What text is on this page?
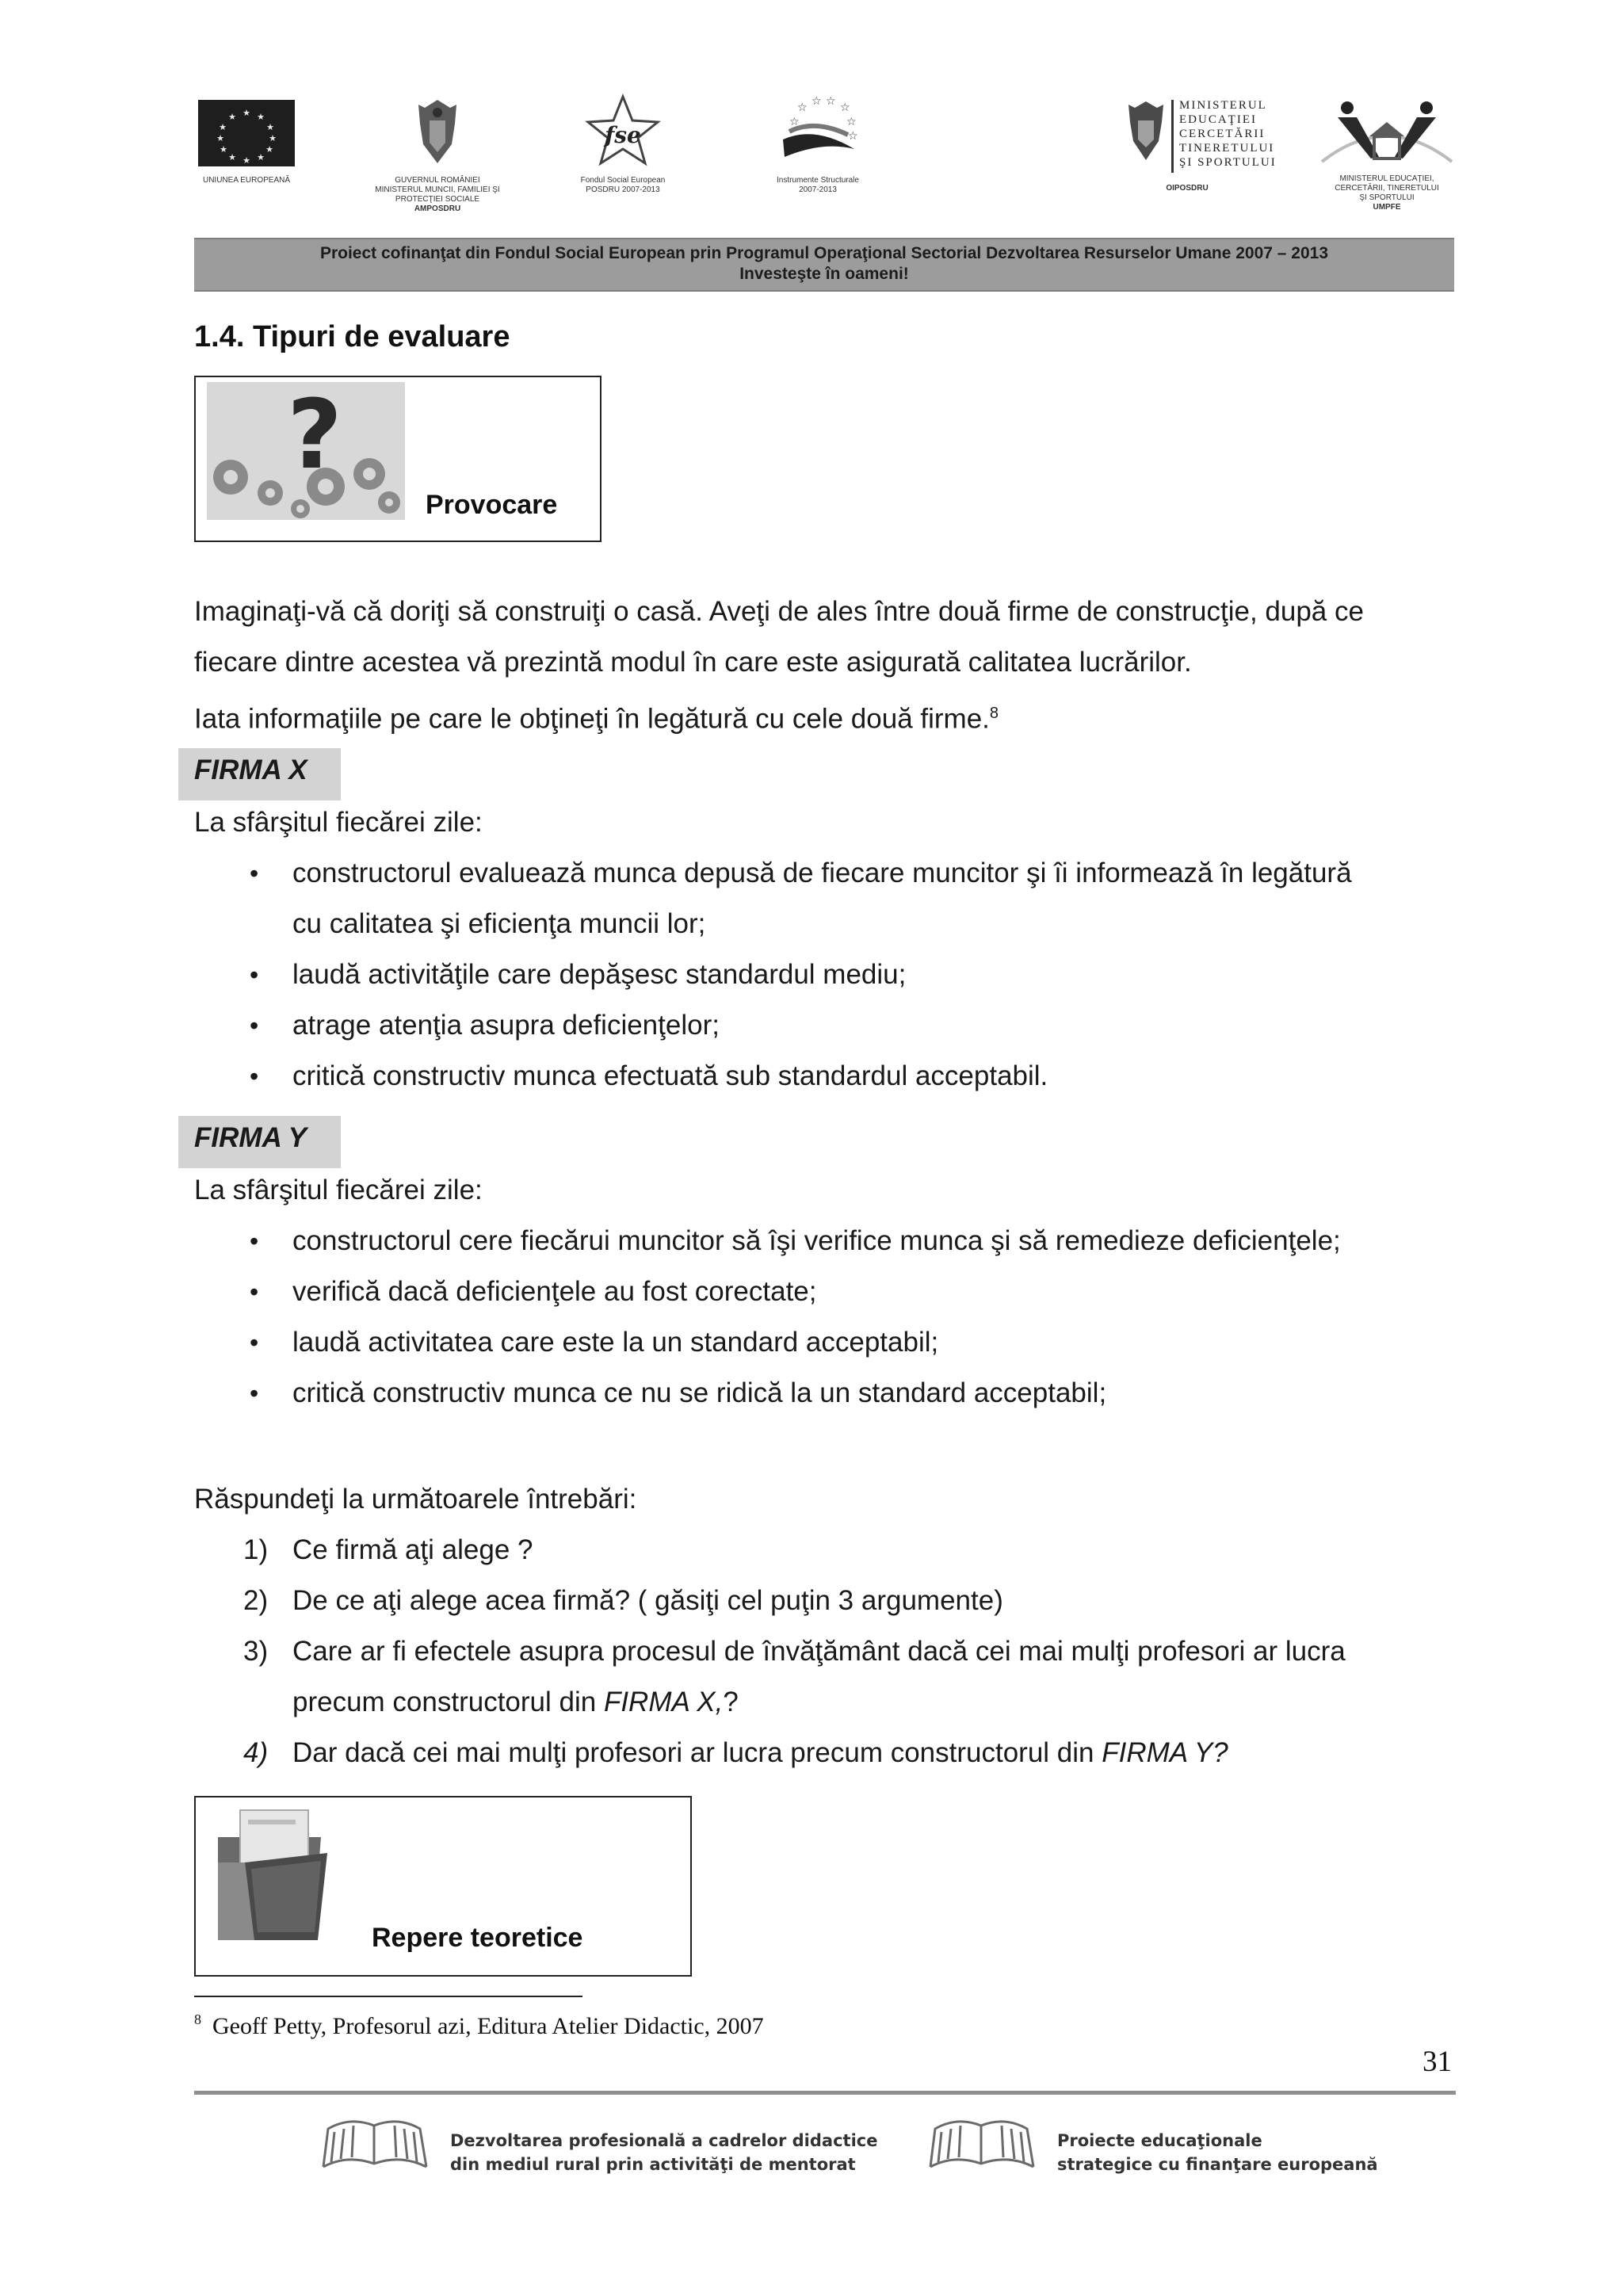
★ ★
★
★
★
★
★
★
★
★
★
★
UNIUNEA EUROPEANĂ	GUVERNUL ROMÂNIEI
MINISTERUL MUNCII, FAMILIEI ŞI
PROTECŢIEI SOCIALE
AMPOSDRU
fse
Fondul Social European
POSDRU 2007-2013
☆ ☆ ☆ ☆
☆
☆
☆
Instrumente Structurale
2007-2013
MINISTERUL
EDUCAŢIEI
CERCETĂRII
TINERETULUI
ŞI SPORTULUI
OIPOSDRU
MINISTERUL EDUCAŢIEI,
CERCETĂRII, TINERETULUI
ŞI SPORTULUI
UMPFE
Proiect cofinanţat din Fondul Social European prin Programul Operaţional Sectorial Dezvoltarea Resurselor Umane 2007 – 2013
Investeşte în oameni!
1.4. Tipuri de evaluare
?
Provocare
Imaginaţi-vă că doriţi să construiţi o casă. Aveţi de ales între două firme de construcţie, după ce
fiecare dintre acestea vă prezintă modul în care este asigurată calitatea lucrărilor.
Iata informaţiile pe care le obţineţi în legătură cu cele două firme.$^8$
FIRMA X
La sfârşitul fiecărei zile:
• constructorul evaluează munca depusă de fiecare muncitor şi îi informează în legătură
cu calitatea şi eficienţa muncii lor;
• laudă activităţile care depăşesc standardul mediu;
• atrage atenţia asupra deficienţelor;
• critică constructiv munca efectuată sub standardul acceptabil.
FIRMA Y
La sfârşitul fiecărei zile:
• constructorul cere fiecărui muncitor să îşi verifice munca şi să remedieze deficienţele;
• verifică dacă deficienţele au fost corectate;
• laudă activitatea care este la un standard acceptabil;
• critică constructiv munca ce nu se ridică la un standard acceptabil;
Răspundeţi la următoarele întrebări:
1) Ce firmă aţi alege ?
2) De ce aţi alege acea firmă? ( găsiţi cel puţin 3 argumente)
3) Care ar fi efectele asupra procesul de învăţământ dacă cei mai mulţi profesori ar lucra
precum constructorul din FIRMA X,?
4) Dar dacă cei mai mulţi profesori ar lucra precum constructorul din FIRMA Y?
Repere teoretice
$^8$ Geoff Petty, Profesorul azi, Editura Atelier Didactic, 2007
31
Dezvoltarea profesională a cadrelor didactice
din mediul rural prin activităţi de mentorat
Proiecte educaţionale
strategice cu finanţare europeană
